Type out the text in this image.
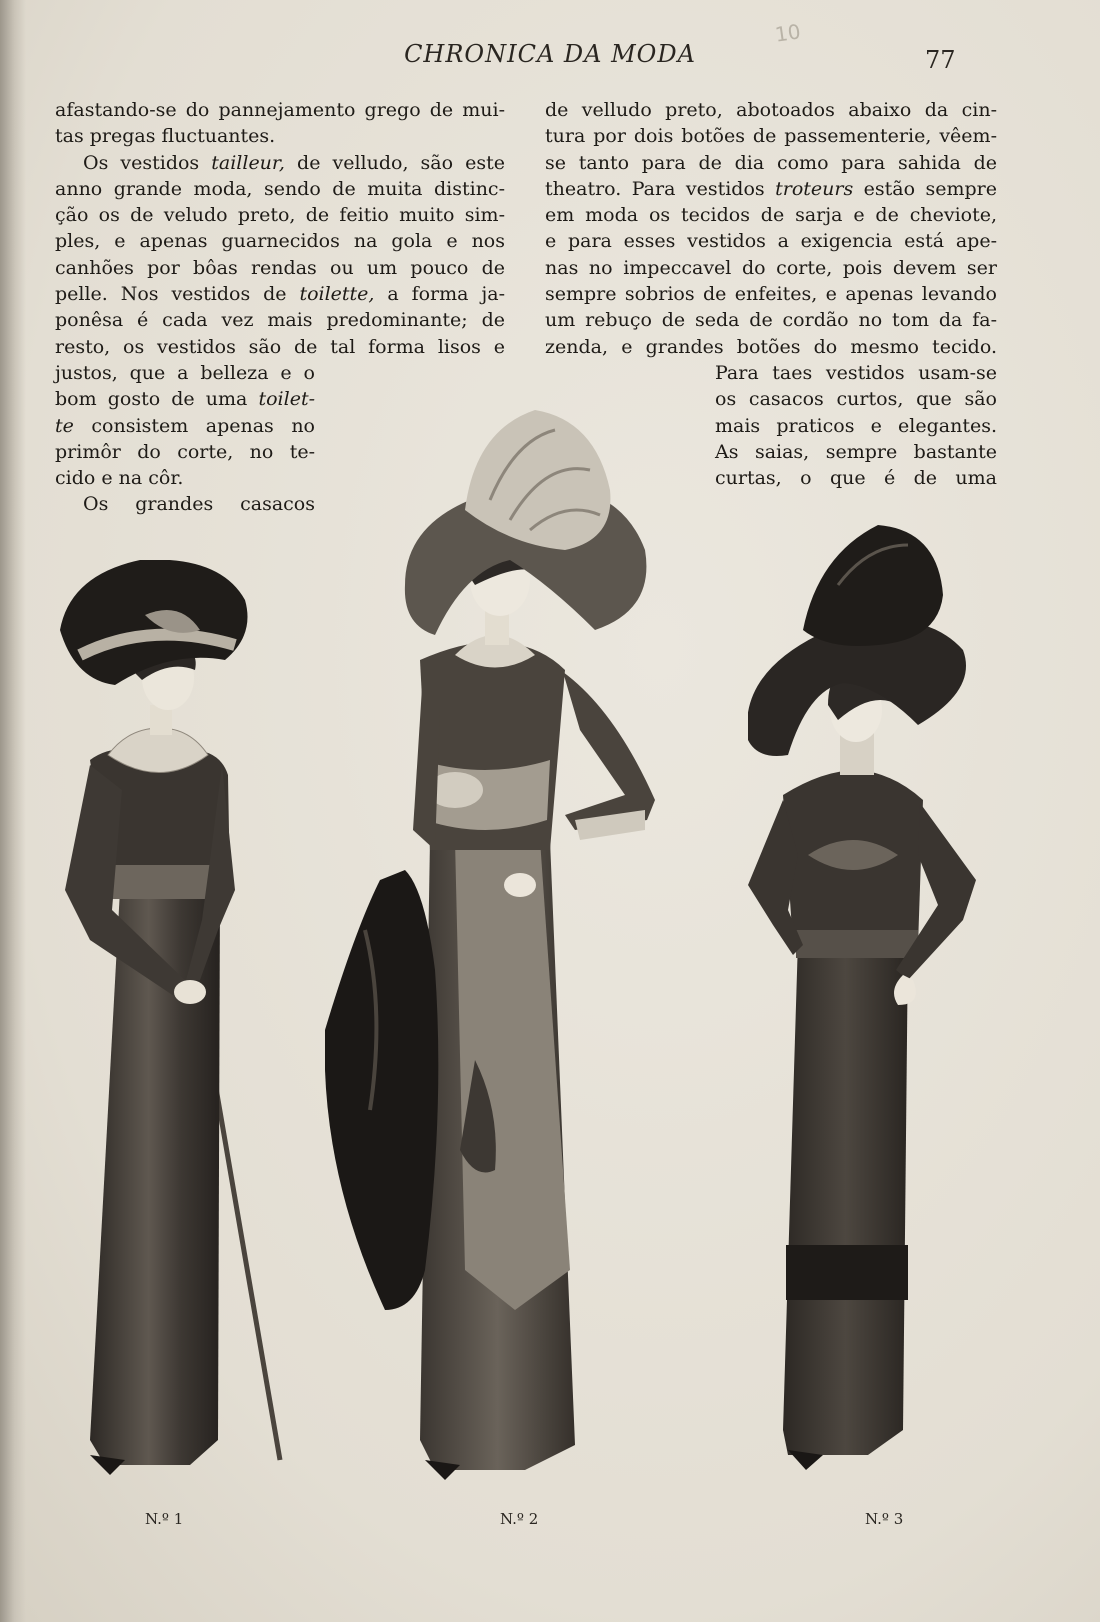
CHRONICA DA MODA	77
10
afastando-se do pannejamento grego de mui-
tas pregas fluctuantes.
Os vestidos tailleur, de velludo, são este
anno grande moda, sendo de muita distinc-
ção os de veludo preto, de feitio muito sim-
ples, e apenas guarnecidos na gola e nos
canhões por bôas rendas ou um pouco de
pelle. Nos vestidos de toilette, a forma ja-
ponêsa é cada vez mais predominante; de
resto, os vestidos são de tal forma lisos e
justos, que a belleza e o
bom gosto de uma toilet-
te consistem apenas no
primôr do corte, no te-
cido e na côr.
Os grandes casacos
de velludo preto, abotoados abaixo da cin-
tura por dois botões de passementerie, vêem-
se tanto para de dia como para sahida de
theatro. Para vestidos troteurs estão sempre
em moda os tecidos de sarja e de cheviote,
e para esses vestidos a exigencia está ape-
nas no impeccavel do corte, pois devem ser
sempre sobrios de enfeites, e apenas levando
um rebuço de seda de cordão no tom da fa-
zenda, e grandes botões do mesmo tecido.
Para taes vestidos usam-se
os casacos curtos, que são
mais praticos e elegantes.
As saias, sempre bastante
curtas, o que é de uma
N.º 1	N.º 2	N.º 3
